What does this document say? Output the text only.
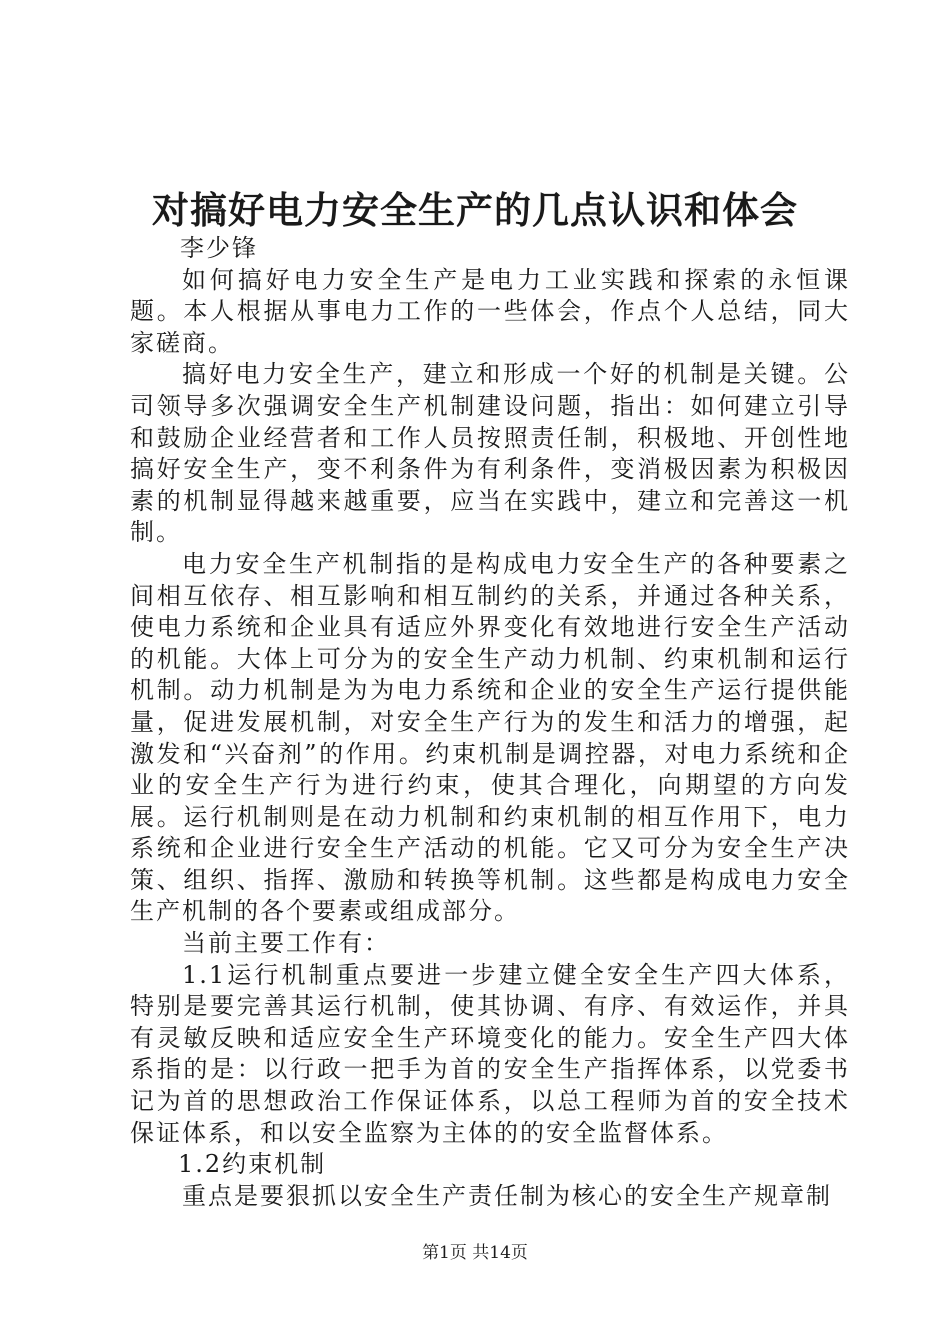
对搞好电力安全生产的几点认识和体会

李少锋

如何搞好电力安全生产是电力工业实践和探索的永恒课题。本人根据从事电力工作的一些体会，作点个人总结，同大家磋商。

搞好电力安全生产，建立和形成一个好的机制是关键。公司领导多次强调安全生产机制建设问题，指出：如何建立引导和鼓励企业经营者和工作人员按照责任制，积极地、开创性地搞好安全生产，变不利条件为有利条件，变消极因素为积极因素的机制显得越来越重要，应当在实践中，建立和完善这一机制。

电力安全生产机制指的是构成电力安全生产的各种要素之间相互依存、相互影响和相互制约的关系，并通过各种关系，使电力系统和企业具有适应外界变化有效地进行安全生产活动的机能。大体上可分为的安全生产动力机制、约束机制和运行机制。动力机制是为为电力系统和企业的安全生产运行提供能量，促进发展机制，对安全生产行为的发生和活力的增强，起激发和“兴奋剂”的作用。约束机制是调控器，对电力系统和企业的安全生产行为进行约束，使其合理化，向期望的方向发展。运行机制则是在动力机制和约束机制的相互作用下，电力系统和企业进行安全生产活动的机能。它又可分为安全生产决策、组织、指挥、激励和转换等机制。这些都是构成电力安全生产机制的各个要素或组成部分。

当前主要工作有：

1.1运行机制重点要进一步建立健全安全生产四大体系，特别是要完善其运行机制，使其协调、有序、有效运作，并具有灵敏反映和适应安全生产环境变化的能力。安全生产四大体系指的是：以行政一把手为首的安全生产指挥体系，以党委书记为首的思想政治工作保证体系，以总工程师为首的安全技术保证体系，和以安全监察为主体的的安全监督体系。

1.2约束机制

重点是要狠抓以安全生产责任制为核心的安全生产规章制

第1页 共14页
